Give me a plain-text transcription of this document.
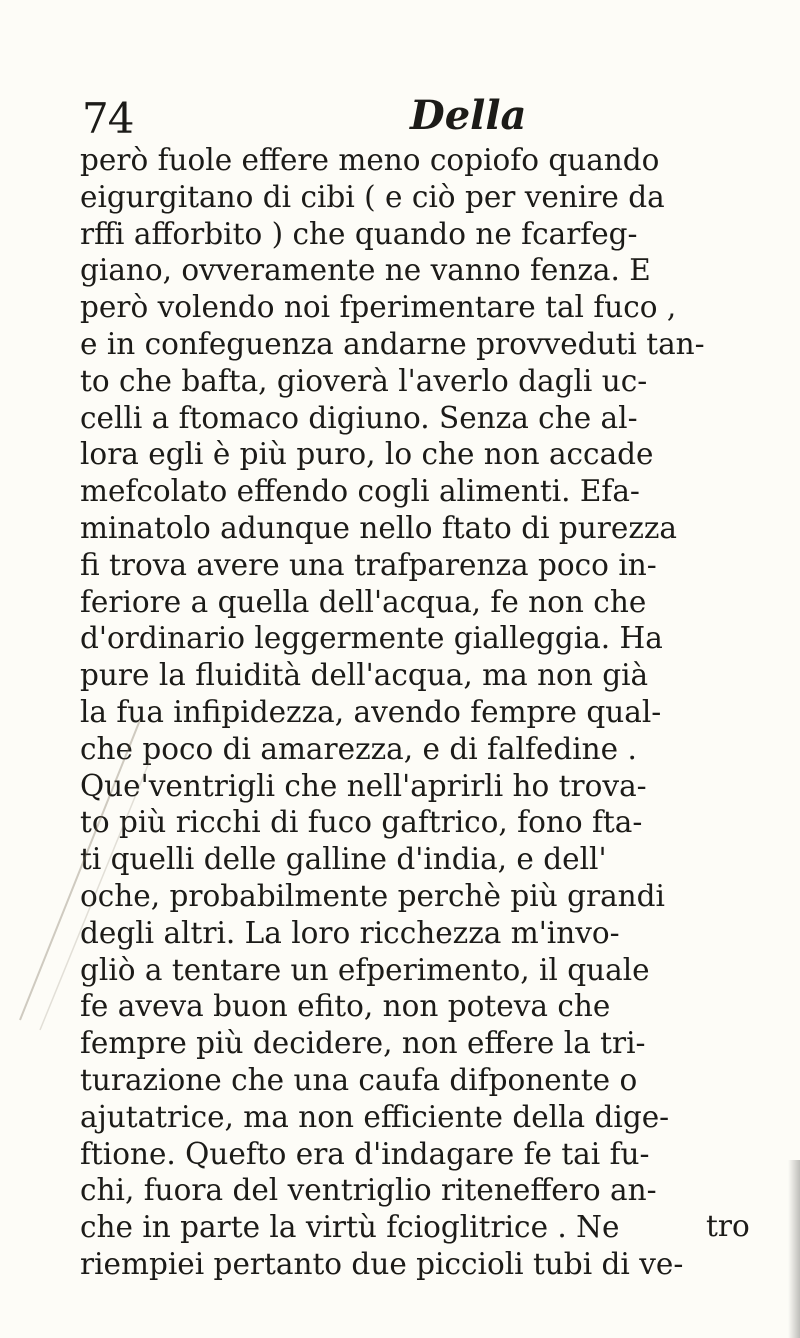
74	Della
però fuole effere meno copiofo quando
eigurgitano di cibi ( e ciò per venire da
rffi afforbito ) che quando ne fcarfeg-
giano, ovveramente ne vanno fenza. E
però volendo noi fperimentare tal fuco ,
e in confeguenza andarne provveduti tan-
to che bafta, gioverà l'averlo dagli uc-
celli a ftomaco digiuno. Senza che al-
lora egli è più puro, lo che non accade
mefcolato effendo cogli alimenti. Efa-
minatolo adunque nello ftato di purezza
fi trova avere una trafparenza poco in-
feriore a quella dell'acqua, fe non che
d'ordinario leggermente gialleggia. Ha
pure la fluidità dell'acqua, ma non già
la fua infipidezza, avendo fempre qual-
che poco di amarezza, e di falfedine .
Que'ventrigli che nell'aprirli ho trova-
to più ricchi di fuco gaftrico, fono fta-
ti quelli delle galline d'india, e dell'
oche, probabilmente perchè più grandi
degli altri. La loro ricchezza m'invo-
gliò a tentare un efperimento, il quale
fe aveva buon efito, non poteva che
fempre più decidere, non effere la tri-
turazione che una caufa difponente o
ajutatrice, ma non efficiente della dige-
ftione. Quefto era d'indagare fe tai fu-
chi, fuora del ventriglio riteneffero an-
che in parte la virtù fcioglitrice . Ne
riempiei pertanto due piccioli tubi di ve-
tro
